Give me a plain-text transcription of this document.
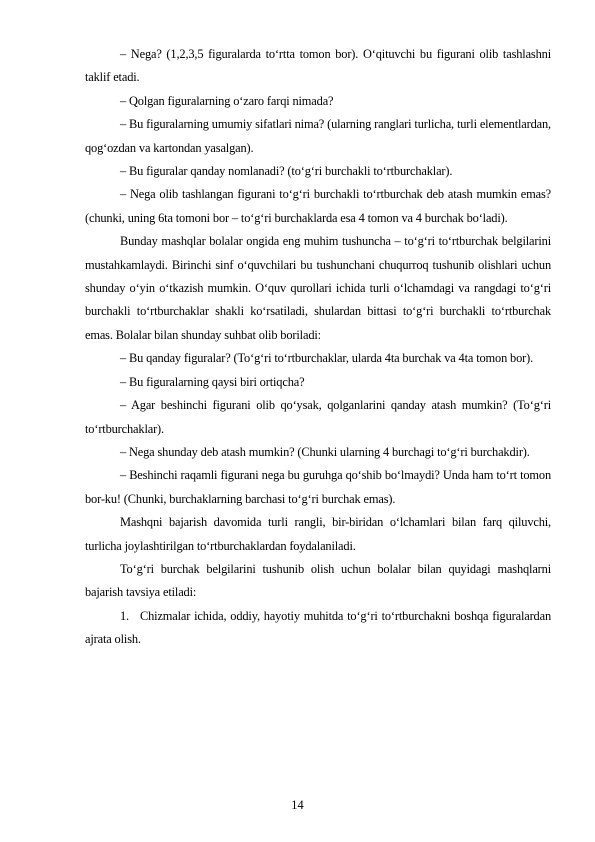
– Nega? (1,2,3,5 figuralarda to‘rtta tomon bor). O‘qituvchi bu figurani olib tashlashni taklif etadi.

– Qolgan figuralarning o‘zaro farqi nimada?

– Bu figuralarning umumiy sifatlari nima? (ularning ranglari turlicha, turli elementlardan, qog‘ozdan va kartondan yasalgan).

– Bu figuralar qanday nomlanadi? (to‘g‘ri burchakli to‘rtburchaklar).

– Nega olib tashlangan figurani to‘g‘ri burchakli to‘rtburchak deb atash mumkin emas? (chunki, uning 6ta tomoni bor – to‘g‘ri burchaklarda esa 4 tomon va 4 burchak bo‘ladi).

Bunday mashqlar bolalar ongida eng muhim tushuncha – to‘g‘ri to‘rtburchak belgilarini mustahkamlaydi. Birinchi sinf o‘quvchilari bu tushunchani chuqurroq tushunib olishlari uchun shunday o‘yin o‘tkazish mumkin. O‘quv qurollari ichida turli o‘lchamdagi va rangdagi to‘g‘ri burchakli to‘rtburchaklar shakli ko‘rsatiladi, shulardan bittasi to‘g‘ri burchakli to‘rtburchak emas. Bolalar bilan shunday suhbat olib boriladi:

– Bu qanday figuralar? (To‘g‘ri to‘rtburchaklar, ularda 4ta burchak va 4ta tomon bor).

– Bu figuralarning qaysi biri ortiqcha?

– Agar beshinchi figurani olib qo‘ysak, qolganlarini qanday atash mumkin? (To‘g‘ri to‘rtburchaklar).

– Nega shunday deb atash mumkin? (Chunki ularning 4 burchagi to‘g‘ri burchakdir).

– Beshinchi raqamli figurani nega bu guruhga qo‘shib bo‘lmaydi? Unda ham to‘rt tomon bor-ku! (Chunki, burchaklarning barchasi to‘g‘ri burchak emas).

Mashqni bajarish davomida turli rangli, bir-biridan o‘lchamlari bilan farq qiluvchi, turlicha joylashtirilgan to‘rtburchaklardan foydalaniladi.

To‘g‘ri burchak belgilarini tushunib olish uchun bolalar bilan quyidagi mashqlarni bajarish tavsiya etiladi:

1. Chizmalar ichida, oddiy, hayotiy muhitda to‘g‘ri to‘rtburchakni boshqa figuralardan ajrata olish.

14
